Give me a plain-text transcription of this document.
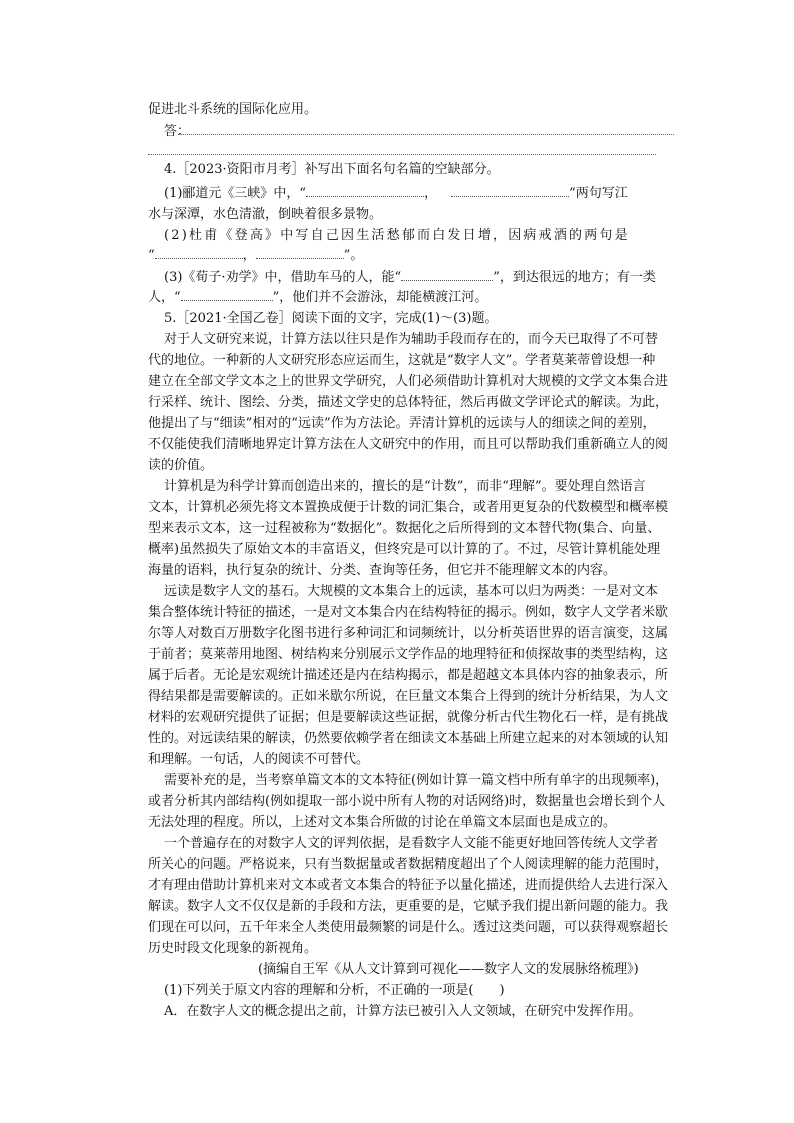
促进北斗系统的国际化应用。
答：
4.［2023·资阳市月考］补写出下面名句名篇的空缺部分。
(1)郦道元《三峡》中，“	，	”两句写江
水与深潭，水色清澈，倒映着很多景物。
(2)杜甫《登高》中写自己因生活愁郁而白发日增，因病戒酒的两句是
“	，	”。
(3)《荀子·劝学》中，借助车马的人，能“	”，到达很远的地方；有一类
人，“	”，他们并不会游泳，却能横渡江河。
5.［2021·全国乙卷］阅读下面的文字，完成(1)～(3)题。
对于人文研究来说，计算方法以往只是作为辅助手段而存在的，而今天已取得了不可替
代的地位。一种新的人文研究形态应运而生，这就是“数字人文”。学者莫莱蒂曾设想一种
建立在全部文学文本之上的世界文学研究，人们必须借助计算机对大规模的文学文本集合进
行采样、统计、图绘、分类，描述文学史的总体特征，然后再做文学评论式的解读。为此，
他提出了与“细读”相对的“远读”作为方法论。弄清计算机的远读与人的细读之间的差别，
不仅能使我们清晰地界定计算方法在人文研究中的作用，而且可以帮助我们重新确立人的阅
读的价值。
计算机是为科学计算而创造出来的，擅长的是“计数”，而非“理解”。要处理自然语言
文本，计算机必须先将文本置换成便于计数的词汇集合，或者用更复杂的代数模型和概率模
型来表示文本，这一过程被称为“数据化”。数据化之后所得到的文本替代物(集合、向量、
概率)虽然损失了原始文本的丰富语义，但终究是可以计算的了。不过，尽管计算机能处理
海量的语料，执行复杂的统计、分类、查询等任务，但它并不能理解文本的内容。
远读是数字人文的基石。大规模的文本集合上的远读，基本可以归为两类：一是对文本
集合整体统计特征的描述，一是对文本集合内在结构特征的揭示。例如，数字人文学者米歇
尔等人对数百万册数字化图书进行多种词汇和词频统计，以分析英语世界的语言演变，这属
于前者；莫莱蒂用地图、树结构来分别展示文学作品的地理特征和侦探故事的类型结构，这
属于后者。无论是宏观统计描述还是内在结构揭示，都是超越文本具体内容的抽象表示，所
得结果都是需要解读的。正如米歇尔所说，在巨量文本集合上得到的统计分析结果，为人文
材料的宏观研究提供了证据；但是要解读这些证据，就像分析古代生物化石一样，是有挑战
性的。对远读结果的解读，仍然要依赖学者在细读文本基础上所建立起来的对本领域的认知
和理解。一句话，人的阅读不可替代。
需要补充的是，当考察单篇文本的文本特征(例如计算一篇文档中所有单字的出现频率)，
或者分析其内部结构(例如提取一部小说中所有人物的对话网络)时，数据量也会增长到个人
无法处理的程度。所以，上述对文本集合所做的讨论在单篇文本层面也是成立的。
一个普遍存在的对数字人文的评判依据，是看数字人文能不能更好地回答传统人文学者
所关心的问题。严格说来，只有当数据量或者数据精度超出了个人阅读理解的能力范围时，
才有理由借助计算机来对文本或者文本集合的特征予以量化描述，进而提供给人去进行深入
解读。数字人文不仅仅是新的手段和方法，更重要的是，它赋予我们提出新问题的能力。我
们现在可以问，五千年来全人类使用最频繁的词是什么。透过这类问题，可以获得观察超长
历史时段文化现象的新视角。
(摘编自王军《从人文计算到可视化——数字人文的发展脉络梳理》)
(1)下列关于原文内容的理解和分析，不正确的一项是(　　)
A．在数字人文的概念提出之前，计算方法已被引入人文领域，在研究中发挥作用。
